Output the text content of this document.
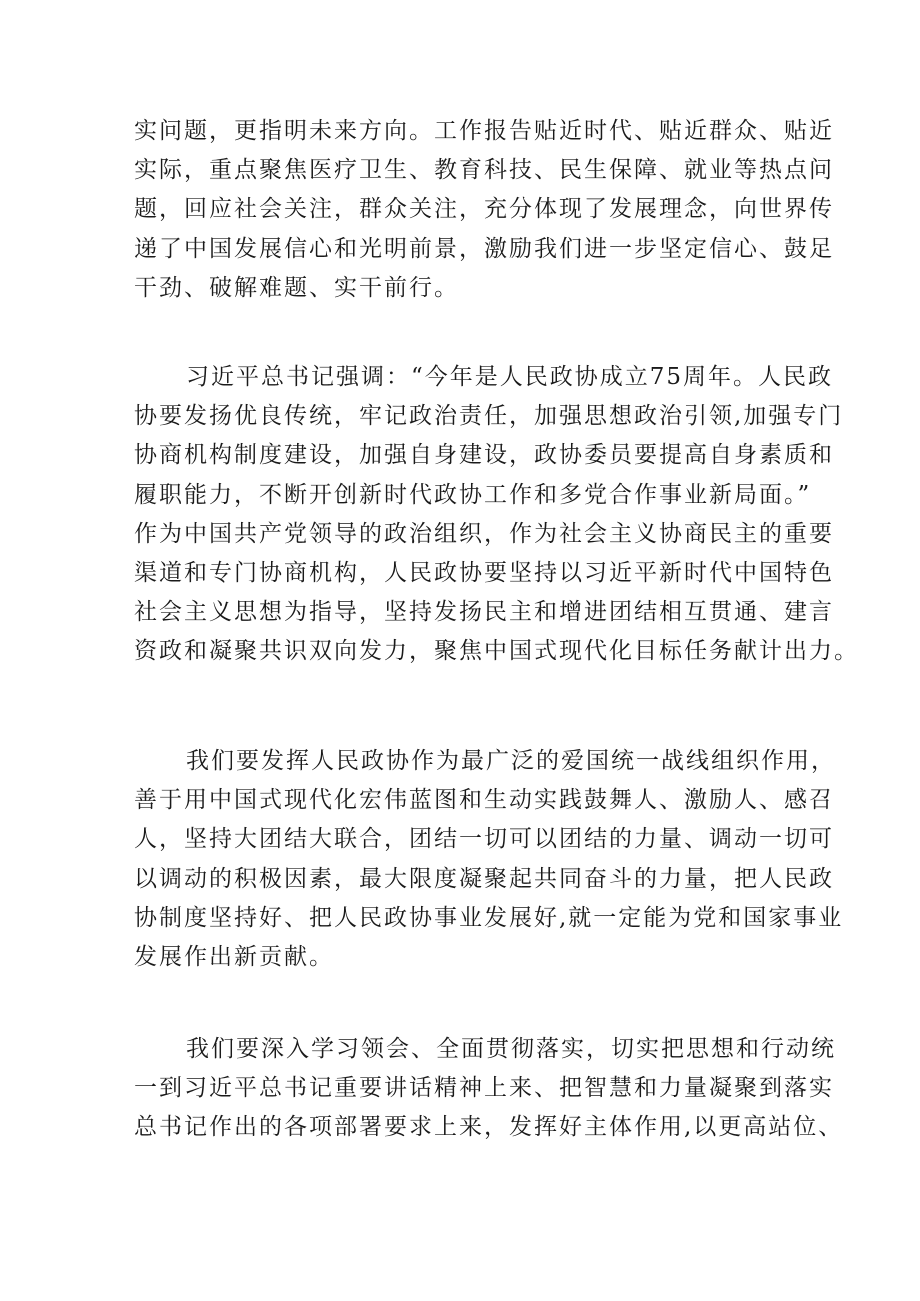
实问题，更指明未来方向。工作报告贴近时代、贴近群众、贴近
实际，重点聚焦医疗卫生、教育科技、民生保障、就业等热点问
题，回应社会关注，群众关注，充分体现了发展理念，向世界传
递了中国发展信心和光明前景，激励我们进一步坚定信心、鼓足
干劲、破解难题、实干前行。
习近平总书记强调：“今年是人民政协成立75周年。人民政
协要发扬优良传统，牢记政治责任，加强思想政治引领,加强专门
协商机构制度建设，加强自身建设，政协委员要提高自身素质和
履职能力，不断开创新时代政协工作和多党合作事业新局面。”
作为中国共产党领导的政治组织，作为社会主义协商民主的重要
渠道和专门协商机构，人民政协要坚持以习近平新时代中国特色
社会主义思想为指导，坚持发扬民主和增进团结相互贯通、建言
资政和凝聚共识双向发力，聚焦中国式现代化目标任务献计出力。
我们要发挥人民政协作为最广泛的爱国统一战线组织作用，
善于用中国式现代化宏伟蓝图和生动实践鼓舞人、激励人、感召
人，坚持大团结大联合，团结一切可以团结的力量、调动一切可
以调动的积极因素，最大限度凝聚起共同奋斗的力量，把人民政
协制度坚持好、把人民政协事业发展好,就一定能为党和国家事业
发展作出新贡献。
我们要深入学习领会、全面贯彻落实，切实把思想和行动统
一到习近平总书记重要讲话精神上来、把智慧和力量凝聚到落实
总书记作出的各项部署要求上来，发挥好主体作用,以更高站位、
